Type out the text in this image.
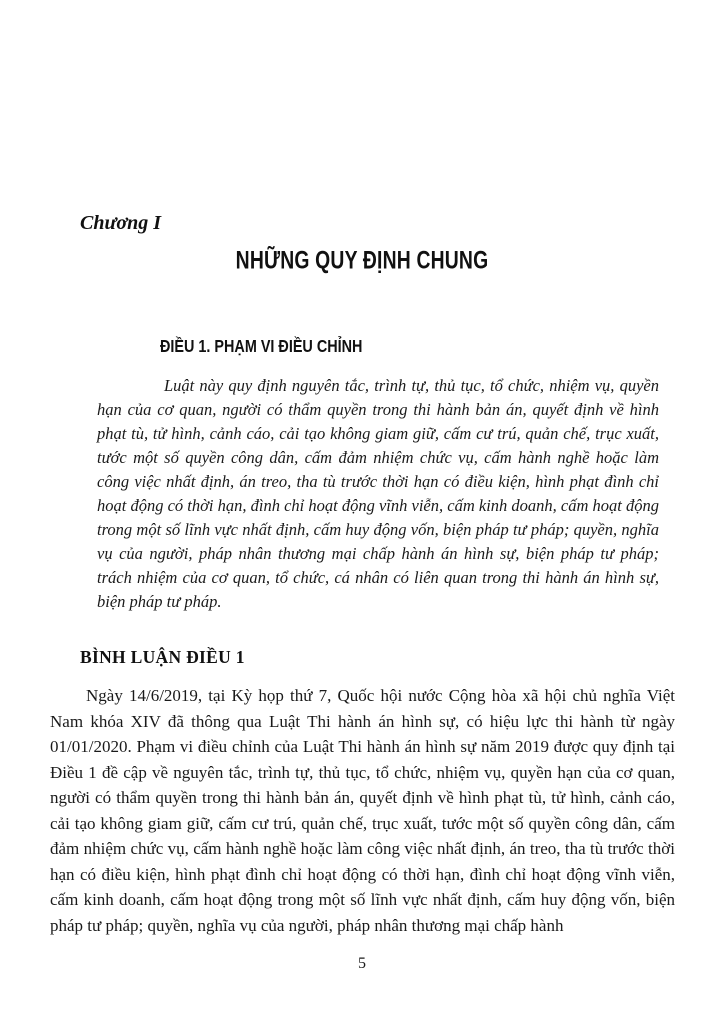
Chương I
NHỮNG QUY ĐỊNH CHUNG
ĐIỀU 1. PHẠM VI ĐIỀU CHỈNH

Luật này quy định nguyên tắc, trình tự, thủ tục, tổ chức, nhiệm vụ, quyền hạn của cơ quan, người có thẩm quyền trong thi hành bản án, quyết định về hình phạt tù, tử hình, cảnh cáo, cải tạo không giam giữ, cấm cư trú, quản chế, trục xuất, tước một số quyền công dân, cấm đảm nhiệm chức vụ, cấm hành nghề hoặc làm công việc nhất định, án treo, tha tù trước thời hạn có điều kiện, hình phạt đình chỉ hoạt động có thời hạn, đình chỉ hoạt động vĩnh viễn, cấm kinh doanh, cấm hoạt động trong một số lĩnh vực nhất định, cấm huy động vốn, biện pháp tư pháp; quyền, nghĩa vụ của người, pháp nhân thương mại chấp hành án hình sự, biện pháp tư pháp; trách nhiệm của cơ quan, tổ chức, cá nhân có liên quan trong thi hành án hình sự, biện pháp tư pháp.

BÌNH LUẬN ĐIỀU 1

Ngày 14/6/2019, tại Kỳ họp thứ 7, Quốc hội nước Cộng hòa xã hội chủ nghĩa Việt Nam khóa XIV đã thông qua Luật Thi hành án hình sự, có hiệu lực thi hành từ ngày 01/01/2020. Phạm vi điều chỉnh của Luật Thi hành án hình sự năm 2019 được quy định tại Điều 1 đề cập về nguyên tắc, trình tự, thủ tục, tổ chức, nhiệm vụ, quyền hạn của cơ quan, người có thẩm quyền trong thi hành bản án, quyết định về hình phạt tù, tử hình, cảnh cáo, cải tạo không giam giữ, cấm cư trú, quản chế, trục xuất, tước một số quyền công dân, cấm đảm nhiệm chức vụ, cấm hành nghề hoặc làm công việc nhất định, án treo, tha tù trước thời hạn có điều kiện, hình phạt đình chỉ hoạt động có thời hạn, đình chỉ hoạt động vĩnh viễn, cấm kinh doanh, cấm hoạt động trong một số lĩnh vực nhất định, cấm huy động vốn, biện pháp tư pháp; quyền, nghĩa vụ của người, pháp nhân thương mại chấp hành

5
